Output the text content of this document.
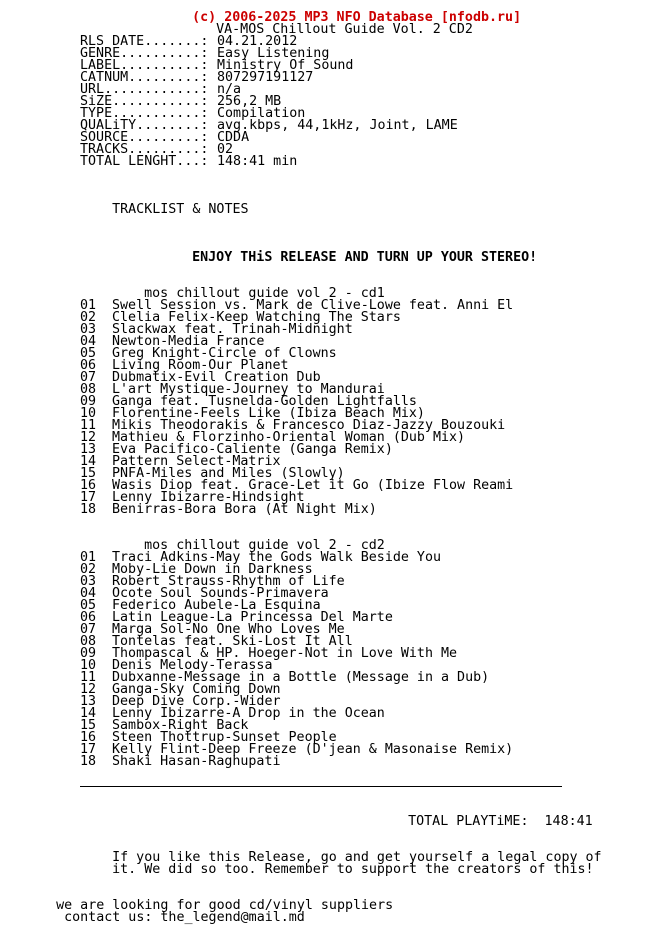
(c) 2006-2025 MP3 NFO Database [nfodb.ru]

VA-MOS Chillout Guide Vol. 2 CD2

RLS DATE.......: 04.21.2012
GENRE..........: Easy Listening
LABEL..........: Ministry Of Sound
CATNUM.........: 807297191127
URL............: n/a
SiZE...........: 256,2 MB
TYPE...........: Compilation
QUALiTY........: avg.kbps, 44,1kHz, Joint, LAME
SOURCE.........: CDDA
TRACKS.........: 02
TOTAL LENGHT...: 148:41 min

TRACKLIST & NOTES

ENJOY THiS RELEASE AND TURN UP YOUR STEREO!

mos chillout guide vol 2 - cd1

01 Swell Session vs. Mark de Clive-Lowe feat. Anni El
02 Clelia Felix-Keep Watching The Stars
03 Slackwax feat. Trinah-Midnight
04 Newton-Media France
05 Greg Knight-Circle of Clowns
06 Living Room-Our Planet
07 Dubmatix-Evil Creation Dub
08 L'art Mystique-Journey to Mandurai
09 Ganga feat. Tusnelda-Golden Lightfalls
10 Florentine-Feels Like (Ibiza Beach Mix)
11 Mikis Theodorakis & Francesco Diaz-Jazzy Bouzouki
12 Mathieu & Florzinho-Oriental Woman (Dub Mix)
13 Eva Pacifico-Caliente (Ganga Remix)
14 Pattern Select-Matrix
15 PNFA-Miles and Miles (Slowly)
16 Wasis Diop feat. Grace-Let it Go (Ibize Flow Reami
17 Lenny Ibizarre-Hindsight
18 Benirras-Bora Bora (At Night Mix)

mos chillout guide vol 2 - cd2

01 Traci Adkins-May the Gods Walk Beside You
02 Moby-Lie Down in Darkness
03 Robert Strauss-Rhythm of Life
04 Ocote Soul Sounds-Primavera
05 Federico Aubele-La Esquina
06 Latin League-La Princessa Del Marte
07 Marga Sol-No One Who Loves Me
08 Tontelas feat. Ski-Lost It All
09 Thompascal & HP. Hoeger-Not in Love With Me
10 Denis Melody-Terassa
11 Dubxanne-Message in a Bottle (Message in a Dub)
12 Ganga-Sky Coming Down
13 Deep Dive Corp.-Wider
14 Lenny Ibizarre-A Drop in the Ocean
15 Sambox-Right Back
16 Steen Thottrup-Sunset People
17 Kelly Flint-Deep Freeze (D'jean & Masonaise Remix)
18 Shaki Hasan-Raghupati

TOTAL PLAYTiME:  148:41

If you like this Release, go and get yourself a legal copy of

it. We did so too. Remember to support the creators of this!

we are looking for good cd/vinyl suppliers

contact us: the_legend@mail.md
